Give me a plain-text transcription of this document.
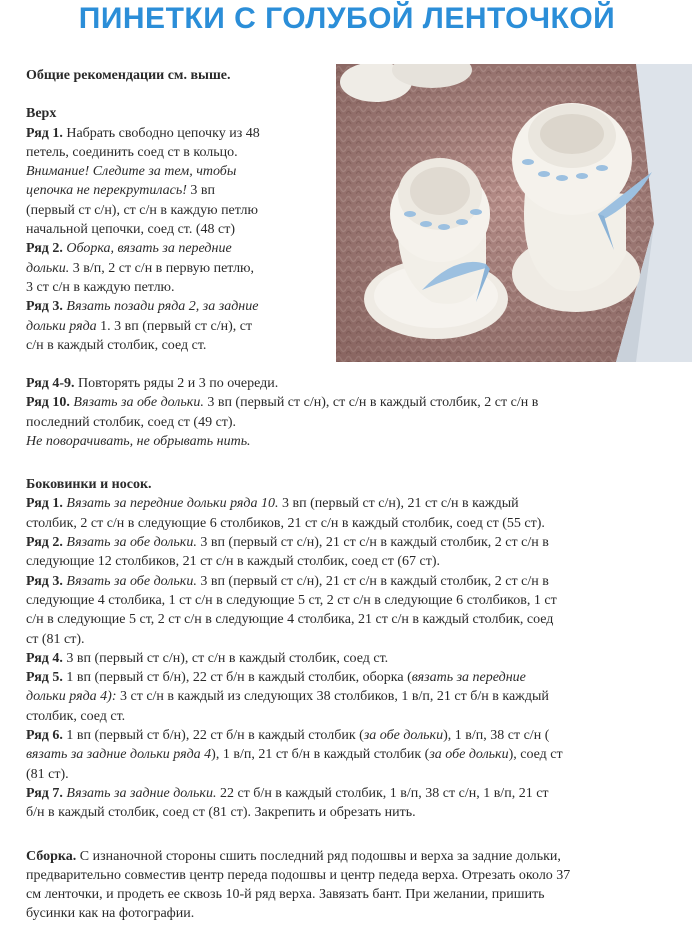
ПИНЕТКИ С ГОЛУБОЙ ЛЕНТОЧКОЙ

Общие рекомендации см. выше.

Верх

Ряд 1. Набрать свободно цепочку из 48

петель, соединить соед ст в кольцо.

Внимание! Следите за тем, чтобы

цепочка не перекрутилась! 3 вп

(первый ст с/н), ст с/н в каждую петлю

начальной цепочки, соед ст. (48 ст)

Ряд 2. Оборка, вязать за передние

дольки. 3 в/п, 2 ст с/н в первую петлю,

3 ст с/н в каждую петлю.

Ряд 3. Вязать позади ряда 2, за задние

дольки ряда 1. 3 вп (первый ст с/н), ст

с/н в каждый столбик, соед ст.

Ряд 4-9. Повторять ряды 2 и 3 по очереди.

Ряд 10. Вязать за обе дольки. 3 вп (первый ст с/н), ст с/н в каждый столбик, 2 ст с/н в

последний столбик, соед ст (49 ст).

Не поворачивать, не обрывать нить.

Боковинки и носок.

Ряд 1. Вязать за передние дольки ряда 10. 3 вп (первый ст с/н), 21 ст с/н в каждый

столбик, 2 ст с/н в следующие 6 столбиков, 21 ст с/н в каждый столбик, соед ст (55 ст).

Ряд 2. Вязать за обе дольки. 3 вп (первый ст с/н), 21 ст с/н в каждый столбик, 2 ст с/н в

следующие 12 столбиков, 21 ст с/н в каждый столбик, соед ст (67 ст).

Ряд 3. Вязать за обе дольки. 3 вп (первый ст с/н), 21 ст с/н в каждый столбик, 2 ст с/н в

следующие 4 столбика, 1 ст с/н в следующие 5 ст, 2 ст с/н в следующие 6 столбиков, 1 ст

с/н в следующие 5 ст, 2 ст с/н в следующие 4 столбика, 21 ст с/н в каждый столбик, соед

ст (81 ст).

Ряд 4. 3 вп (первый ст с/н), ст с/н в каждый столбик, соед ст.

Ряд 5. 1 вп (первый ст б/н), 22 ст б/н в каждый столбик, оборка (вязать за передние

дольки ряда 4): 3 ст с/н в каждый из следующих 38 столбиков, 1 в/п, 21 ст б/н в каждый

столбик, соед ст.

Ряд 6. 1 вп (первый ст б/н), 22 ст б/н в каждый столбик (за обе дольки), 1 в/п, 38 ст с/н (

вязать за задние дольки ряда 4), 1 в/п, 21 ст б/н в каждый столбик (за обе дольки), соед ст

(81 ст).

Ряд 7. Вязать за задние дольки. 22 ст б/н в каждый столбик, 1 в/п, 38 ст с/н, 1 в/п, 21 ст

б/н в каждый столбик, соед ст (81 ст). Закрепить и обрезать нить.

Сборка. С изнаночной стороны сшить последний ряд подошвы и верха за задние дольки,

предварительно совместив центр переда подошвы и центр педеда верха. Отрезать около 37

см ленточки, и продеть ее сквозь 10-й ряд верха. Завязать бант. При желании, пришить

бусинки как на фотографии.
